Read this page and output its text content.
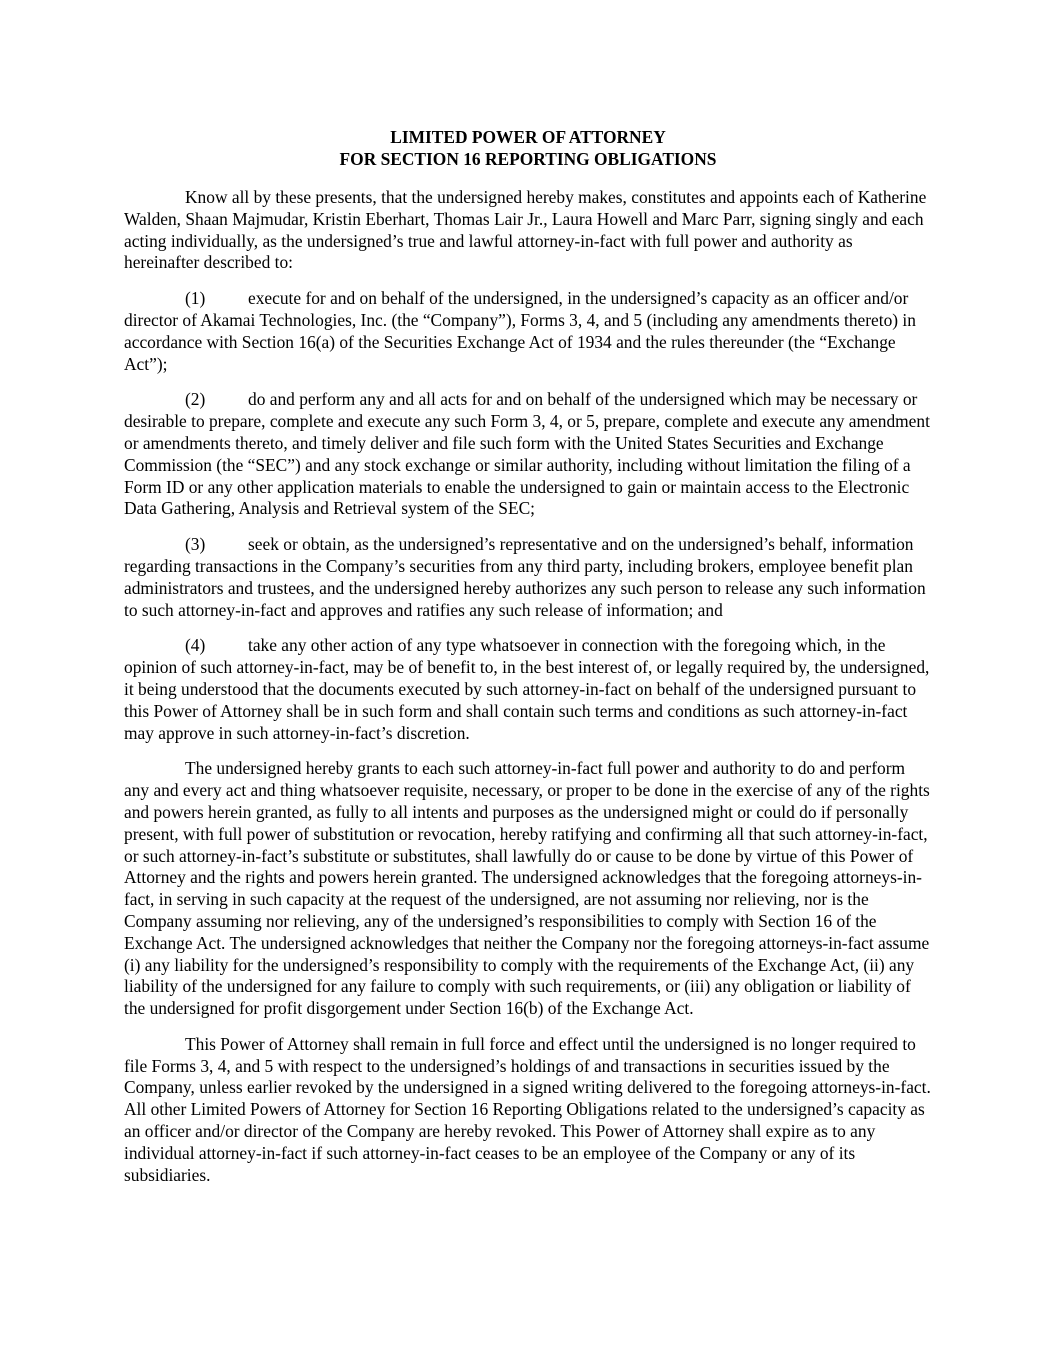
LIMITED POWER OF ATTORNEY
FOR SECTION 16 REPORTING OBLIGATIONS

Know all by these presents, that the undersigned hereby makes, constitutes and appoints each of Katherine Walden, Shaan Majmudar, Kristin Eberhart, Thomas Lair Jr., Laura Howell and Marc Parr, signing singly and each acting individually, as the undersigned’s true and lawful attorney-in-fact with full power and authority as hereinafter described to:

(1) execute for and on behalf of the undersigned, in the undersigned’s capacity as an officer and/or director of Akamai Technologies, Inc. (the “Company”), Forms 3, 4, and 5 (including any amendments thereto) in accordance with Section 16(a) of the Securities Exchange Act of 1934 and the rules thereunder (the “Exchange Act”);

(2) do and perform any and all acts for and on behalf of the undersigned which may be necessary or desirable to prepare, complete and execute any such Form 3, 4, or 5, prepare, complete and execute any amendment or amendments thereto, and timely deliver and file such form with the United States Securities and Exchange Commission (the “SEC”) and any stock exchange or similar authority, including without limitation the filing of a Form ID or any other application materials to enable the undersigned to gain or maintain access to the Electronic Data Gathering, Analysis and Retrieval system of the SEC;

(3) seek or obtain, as the undersigned’s representative and on the undersigned’s behalf, information regarding transactions in the Company’s securities from any third party, including brokers, employee benefit plan administrators and trustees, and the undersigned hereby authorizes any such person to release any such information to such attorney-in-fact and approves and ratifies any such release of information; and

(4) take any other action of any type whatsoever in connection with the foregoing which, in the opinion of such attorney-in-fact, may be of benefit to, in the best interest of, or legally required by, the undersigned, it being understood that the documents executed by such attorney-in-fact on behalf of the undersigned pursuant to this Power of Attorney shall be in such form and shall contain such terms and conditions as such attorney-in-fact may approve in such attorney-in-fact’s discretion.

The undersigned hereby grants to each such attorney-in-fact full power and authority to do and perform any and every act and thing whatsoever requisite, necessary, or proper to be done in the exercise of any of the rights and powers herein granted, as fully to all intents and purposes as the undersigned might or could do if personally present, with full power of substitution or revocation, hereby ratifying and confirming all that such attorney-in-fact, or such attorney-in-fact’s substitute or substitutes, shall lawfully do or cause to be done by virtue of this Power of Attorney and the rights and powers herein granted. The undersigned acknowledges that the foregoing attorneys-in-fact, in serving in such capacity at the request of the undersigned, are not assuming nor relieving, nor is the Company assuming nor relieving, any of the undersigned’s responsibilities to comply with Section 16 of the Exchange Act. The undersigned acknowledges that neither the Company nor the foregoing attorneys-in-fact assume (i) any liability for the undersigned’s responsibility to comply with the requirements of the Exchange Act, (ii) any liability of the undersigned for any failure to comply with such requirements, or (iii) any obligation or liability of the undersigned for profit disgorgement under Section 16(b) of the Exchange Act.

This Power of Attorney shall remain in full force and effect until the undersigned is no longer required to file Forms 3, 4, and 5 with respect to the undersigned’s holdings of and transactions in securities issued by the Company, unless earlier revoked by the undersigned in a signed writing delivered to the foregoing attorneys-in-fact. All other Limited Powers of Attorney for Section 16 Reporting Obligations related to the undersigned’s capacity as an officer and/or director of the Company are hereby revoked. This Power of Attorney shall expire as to any individual attorney-in-fact if such attorney-in-fact ceases to be an employee of the Company or any of its subsidiaries.
